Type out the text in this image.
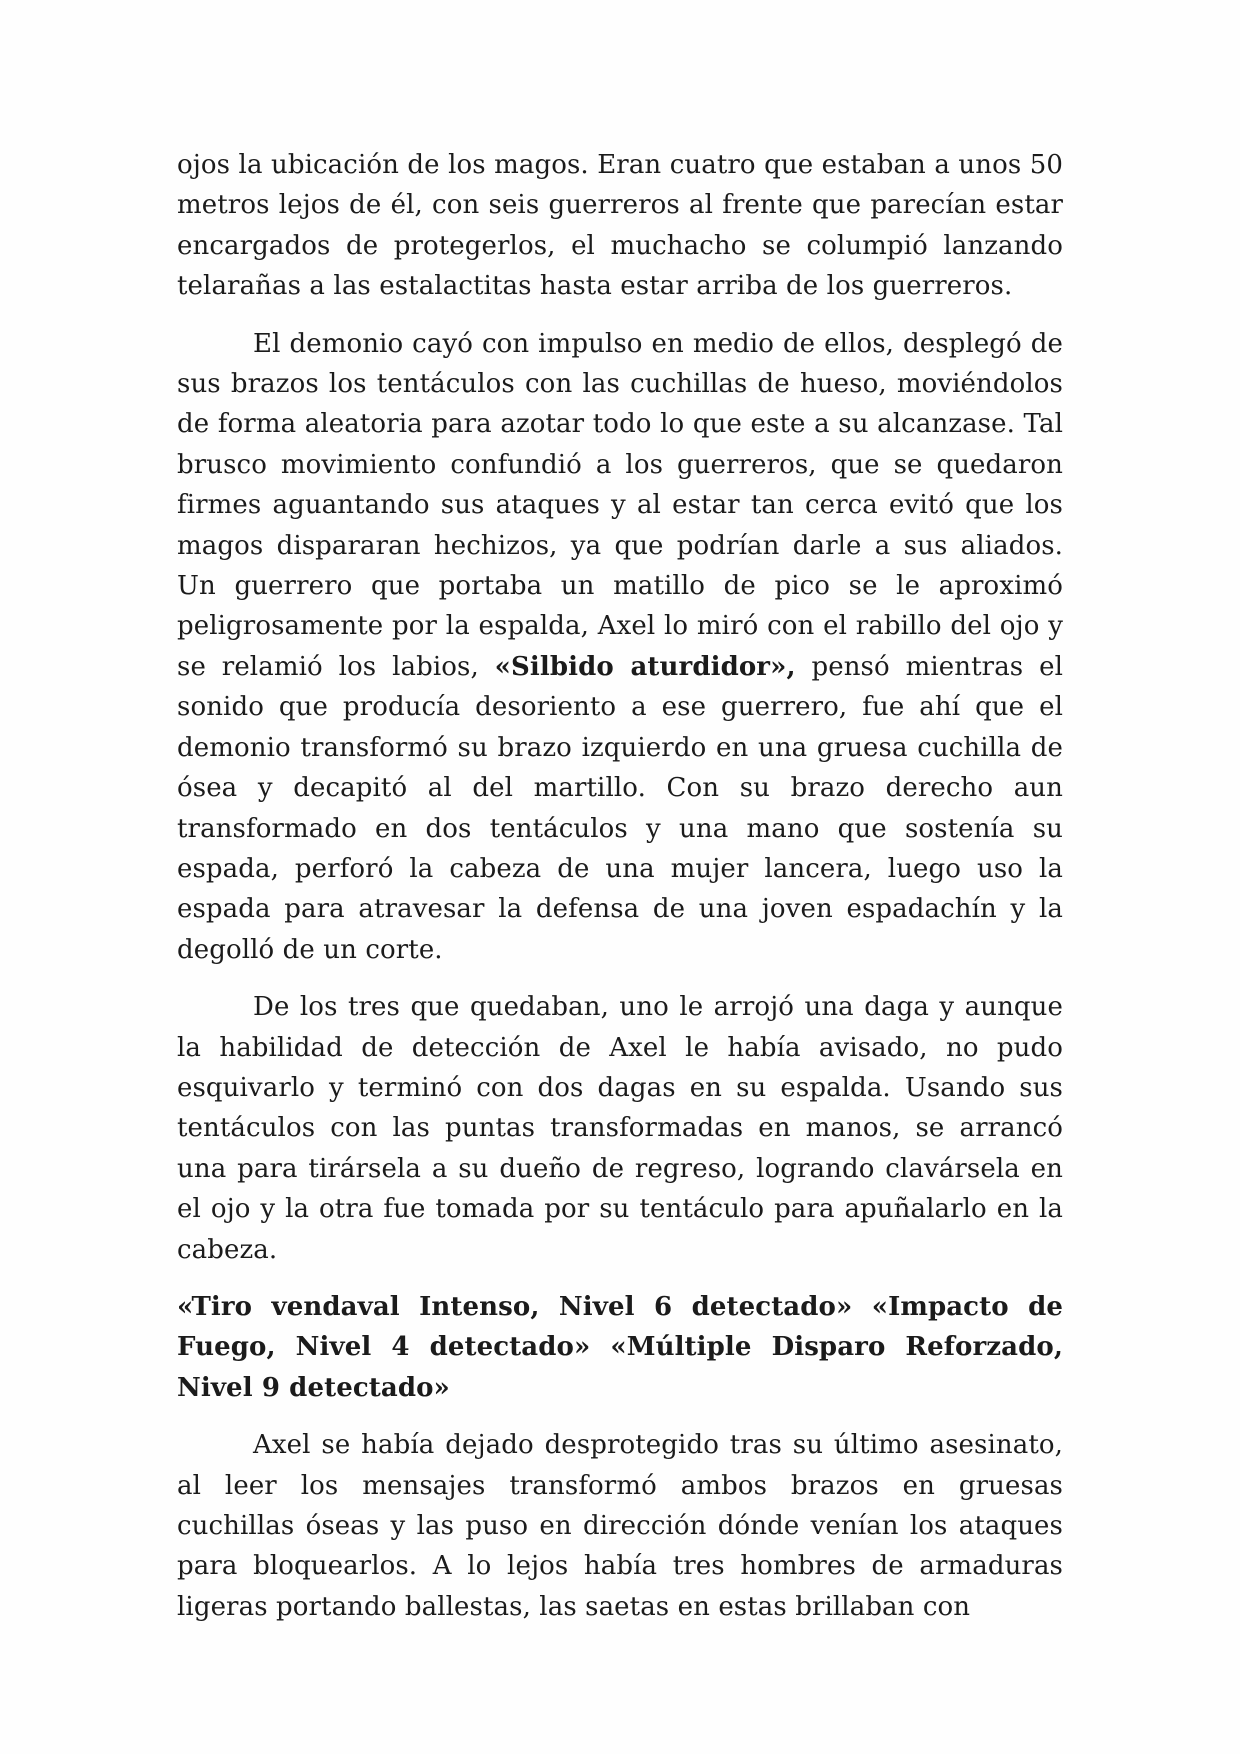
ojos la ubicación de los magos. Eran cuatro que estaban a unos 50 metros lejos de él, con seis guerreros al frente que parecían estar encargados de protegerlos, el muchacho se columpió lanzando telarañas a las estalactitas hasta estar arriba de los guerreros.

El demonio cayó con impulso en medio de ellos, desplegó de sus brazos los tentáculos con las cuchillas de hueso, moviéndolos de forma aleatoria para azotar todo lo que este a su alcanzase. Tal brusco movimiento confundió a los guerreros, que se quedaron firmes aguantando sus ataques y al estar tan cerca evitó que los magos dispararan hechizos, ya que podrían darle a sus aliados. Un guerrero que portaba un matillo de pico se le aproximó peligrosamente por la espalda, Axel lo miró con el rabillo del ojo y se relamió los labios, «Silbido aturdidor», pensó mientras el sonido que producía desoriento a ese guerrero, fue ahí que el demonio transformó su brazo izquierdo en una gruesa cuchilla de ósea y decapitó al del martillo. Con su brazo derecho aun transformado en dos tentáculos y una mano que sostenía su espada, perforó la cabeza de una mujer lancera, luego uso la espada para atravesar la defensa de una joven espadachín y la degolló de un corte.

De los tres que quedaban, uno le arrojó una daga y aunque la habilidad de detección de Axel le había avisado, no pudo esquivarlo y terminó con dos dagas en su espalda. Usando sus tentáculos con las puntas transformadas en manos, se arrancó una para tirársela a su dueño de regreso, logrando clavársela en el ojo y la otra fue tomada por su tentáculo para apuñalarlo en la cabeza.

«Tiro vendaval Intenso, Nivel 6 detectado» «Impacto de Fuego, Nivel 4 detectado» «Múltiple Disparo Reforzado, Nivel 9 detectado»

Axel se había dejado desprotegido tras su último asesinato, al leer los mensajes transformó ambos brazos en gruesas cuchillas óseas y las puso en dirección dónde venían los ataques para bloquearlos. A lo lejos había tres hombres de armaduras ligeras portando ballestas, las saetas en estas brillaban con
